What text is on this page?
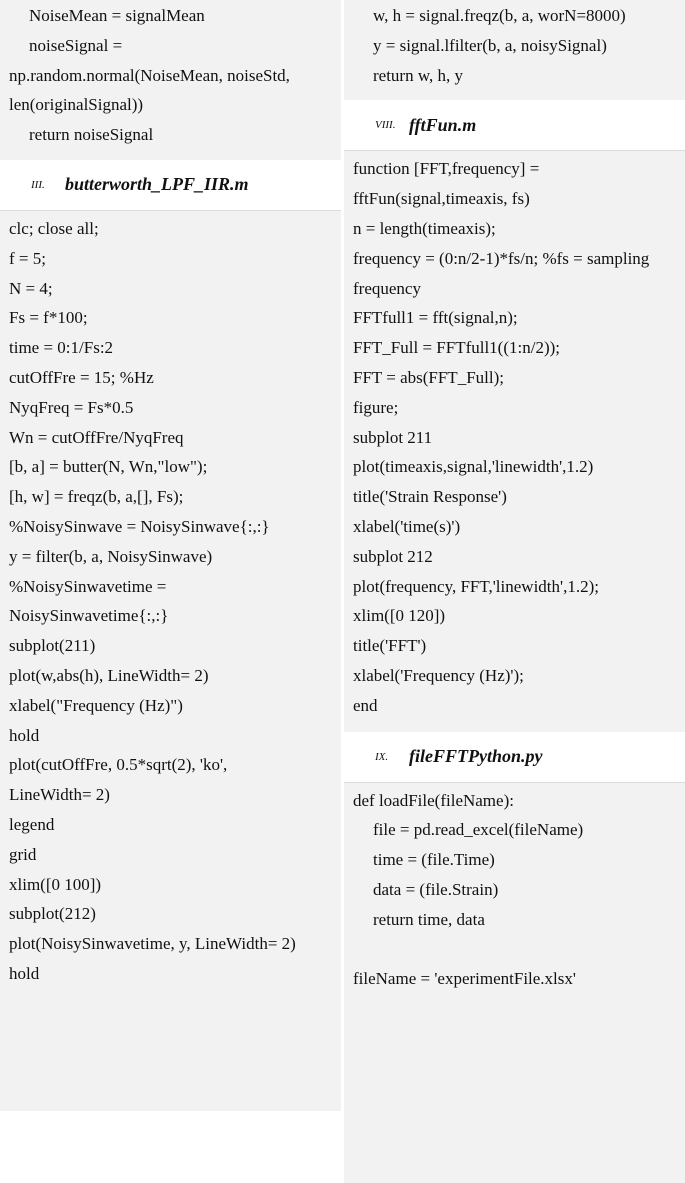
NoiseMean = signalMean
noiseSignal =
np.random.normal(NoiseMean, noiseStd,
len(originalSignal))
return noiseSignal
III.	butterworth_LPF_IIR.m
clc; close all;
f = 5;
N = 4;
Fs = f*100;
time = 0:1/Fs:2
cutOffFre = 15; %Hz
NyqFreq = Fs*0.5
Wn = cutOffFre/NyqFreq
[b, a] = butter(N, Wn,"low");
[h, w] = freqz(b, a,[], Fs);
%NoisySinwave = NoisySinwave{:,:}
y = filter(b, a, NoisySinwave)
%NoisySinwavetime =
NoisySinwavetime{:,:}
subplot(211)
plot(w,abs(h), LineWidth= 2)
xlabel("Frequency (Hz)")
hold
plot(cutOffFre, 0.5*sqrt(2), 'ko',
LineWidth= 2)
legend
grid
xlim([0 100])
subplot(212)
plot(NoisySinwavetime, y, LineWidth= 2)
hold
w, h = signal.freqz(b, a, worN=8000)
y = signal.lfilter(b, a, noisySignal)
return w, h, y
VIII. fftFun.m
function [FFT,frequency] =
fftFun(signal,timeaxis, fs)
n = length(timeaxis);
frequency = (0:n/2-1)*fs/n; %fs = sampling
frequency
FFTfull1 = fft(signal,n);
FFT_Full = FFTfull1((1:n/2));
FFT = abs(FFT_Full);
figure;
subplot 211
plot(timeaxis,signal,'linewidth',1.2)
title('Strain Response')
xlabel('time(s)')
subplot 212
plot(frequency, FFT,'linewidth',1.2);
xlim([0 120])
title('FFT')
xlabel('Frequency (Hz)');
end
IX.	fileFFTPython.py
def loadFile(fileName):
file = pd.read_excel(fileName)
time = (file.Time)
data = (file.Strain)
return time, data

fileName = 'experimentFile.xlsx'
